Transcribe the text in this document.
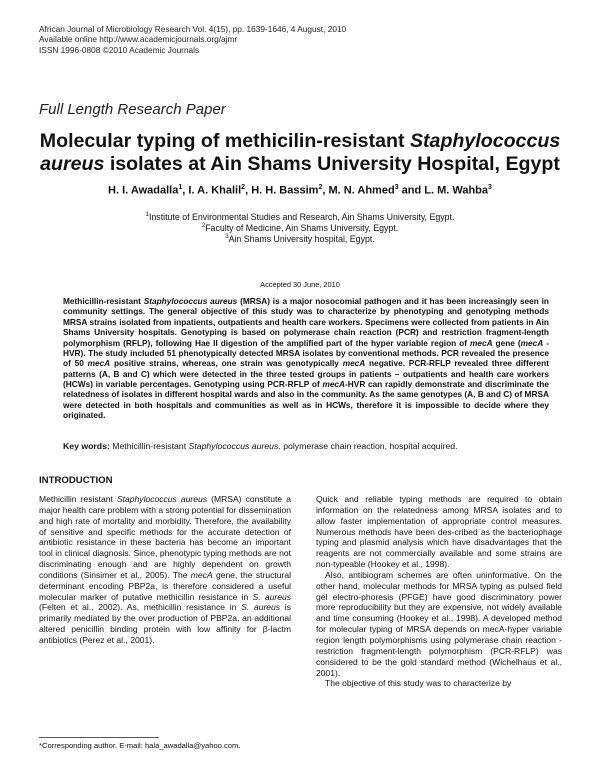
African Journal of Microbiology Research Vol. 4(15), pp. 1639-1646, 4 August, 2010
Available online http://www.academicjournals.org/ajmr
ISSN 1996-0808 ©2010 Academic Journals
Full Length Research Paper
Molecular typing of methicilin-resistant Staphylococcus aureus isolates at Ain Shams University Hospital, Egypt
H. I. Awadalla$^1$, I. A. Khalil$^2$, H. H. Bassim$^2$, M. N. Ahmed$^3$ and L. M. Wahba$^3$
$^1$Institute of Environmental Studies and Research, Ain Shams University, Egypt.
$^2$Faculty of Medicine, Ain Shams University, Egypt.
$^3$Ain Shams University hospital, Egypt.
Accepted 30 June, 2010
Methicillin-resistant Staphylococcus aureus (MRSA) is a major nosocomial pathogen and it has been increasingly seen in community settings. The general objective of this study was to characterize by phenotyping and genotyping methods MRSA strains isolated from inpatients, outpatients and health care workers. Specimens were collected from patients in Ain Shams University hospitals. Genotyping is based on polymerase chain reaction (PCR) and restriction fragment-length polymorphism (RFLP), following Hae II digestion of the amplified part of the hyper variable region of mecA gene (mecA - HVR). The study included 51 phenotypically detected MRSA isolates by conventional methods. PCR revealed the presence of 50 mecA positive strains, whereas, one strain was genotypically mecA negative. PCR-RFLP revealed three different patterns (A, B and C) which were detected in the three tested groups in patients – outpatients and health care workers (HCWs) in variable percentages. Genotyping using PCR-RFLP of mecA-HVR can rapidly demonstrate and discriminate the relatedness of isolates in different hospital wards and also in the community. As the same genotypes (A, B and C) of MRSA were detected in both hospitals and communities as well as in HCWs, therefore it is impossible to decide where they originated.
Key words: Methicillin-resistant Staphylococcus aureus, polymerase chain reaction, hospital acquired.
INTRODUCTION

Methicillin resistant Staphylococcus aureus (MRSA) constitute a major health care problem with a strong potential for dissemination and high rate of mortality and morbidity. Therefore, the availability of sensitive and specific methods for the accurate detection of antibiotic resistance in these bacteria has become an important tool in clinical diagnosis. Since, phenotypic typing methods are not discriminating enough and are highly dependent on growth conditions (Sinsimer et al., 2005). The mecA gene, the structural determinant encoding PBP2a, is therefore considered a useful molecular marker of putative methicillin resistance in S. aureus (Felten et al., 2002). As, methicillin resistance in S. aureus is primarily mediated by the over production of PBP2a, an additional altered penicillin binding protein with low affinity for β-lactm antibiotics (Perez et al., 2001).

Quick and reliable typing methods are required to obtain information on the relatedness among MRSA isolates and to allow faster implementation of appropriate control measures. Numerous methods have been des-cribed as the bacteriophage typing and plasmid analysis which have disadvantages that the reagents are not commercially available and some strains are non-typeable (Hookey et al., 1998).

Also, antibiogram schemes are often uninformative. On the other hand, molecular methods for MRSA typing as pulsed field gel electro-phoresis (PFGE) have good discriminatory power more reproducibility but they are expensive, not widely available and time consuming (Hookey et al., 1998). A developed method for molecular typing of MRSA depends on mecA-hyper variable region length polymorphisms using polymerase chain reaction - restriction fragment-length polymorphism (PCR-RFLP) was considered to be the gold standard method (Wichelhaus et al., 2001).

The objective of this study was to characterize by

*Corresponding author. E-mail: hala_awadalla@yahoo.com.
